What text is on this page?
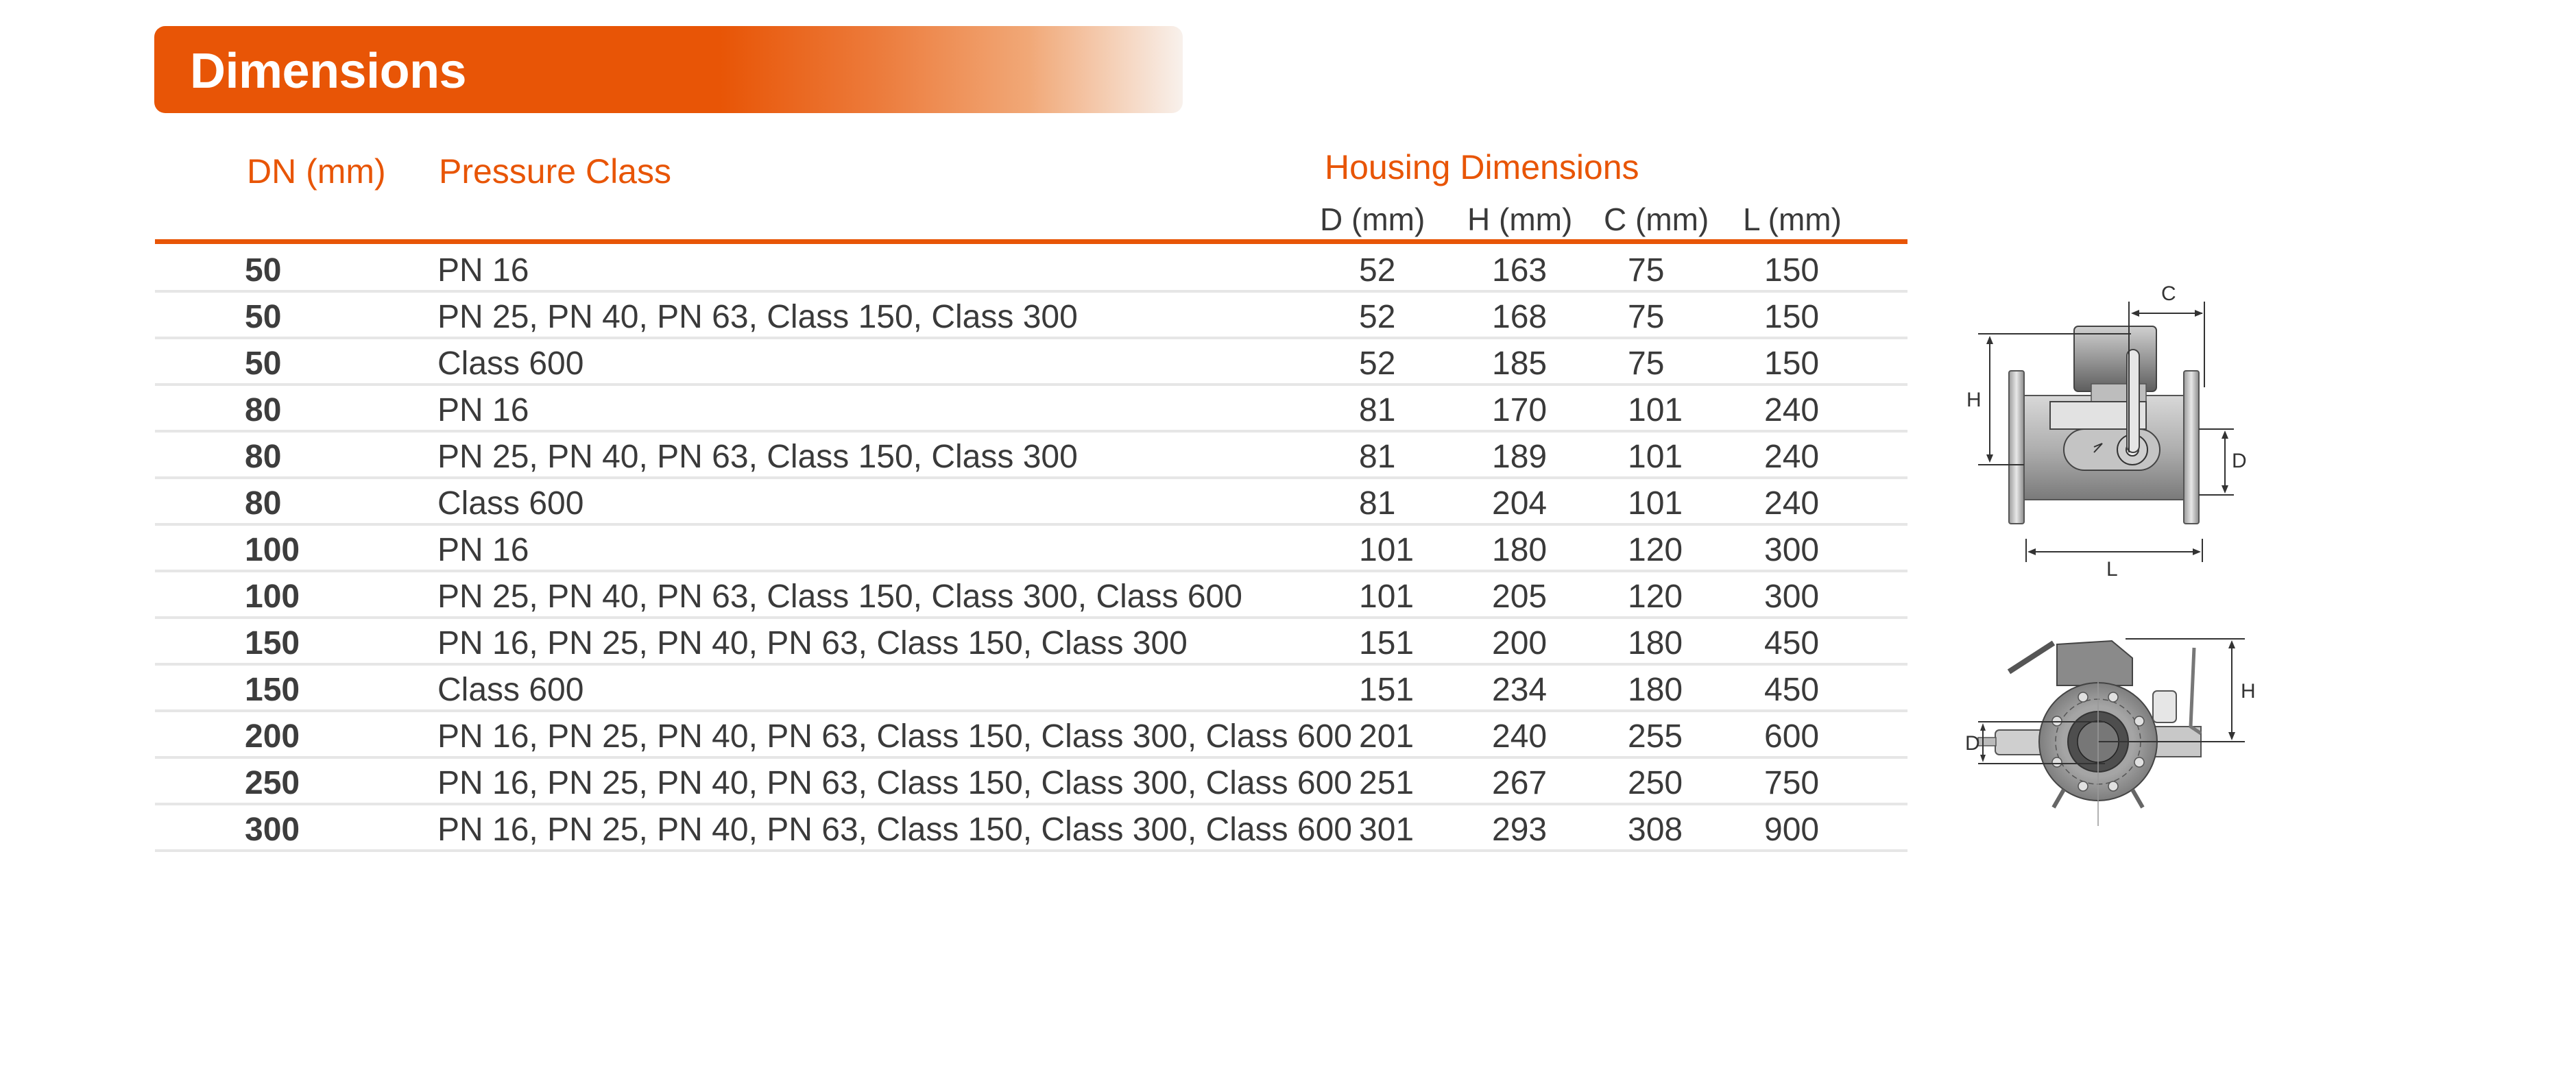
Dimensions
DN (mm) Pressure Class	Housing Dimensions
D (mm) H (mm) C (mm) L (mm)
50	PN 16	52	163 75	150
50	PN 25, PN 40, PN 63, Class 150, Class 300	52	168 75	150
50	Class 600	52	185 75	150
80	PN 16	81	170 101 240
80	PN 25, PN 40, PN 63, Class 150, Class 300	81	189 101 240
80	Class 600	81	204 101 240
100	PN 16	101 180 120 300
100	PN 25, PN 40, PN 63, Class 150, Class 300, Class 600	101 205 120 300
150	PN 16, PN 25, PN 40, PN 63, Class 150, Class 300	151 200 180 450
150	Class 600	151 234 180 450
200	PN 16, PN 25, PN 40, PN 63, Class 150, Class 300, Class 600 201 240 255 600
250	PN 16, PN 25, PN 40, PN 63, Class 150, Class 300, Class 600 251 267 250 750
300	PN 16, PN 25, PN 40, PN 63, Class 150, Class 300, Class 600 301 293 308 900
C
H
D
L
D
H
